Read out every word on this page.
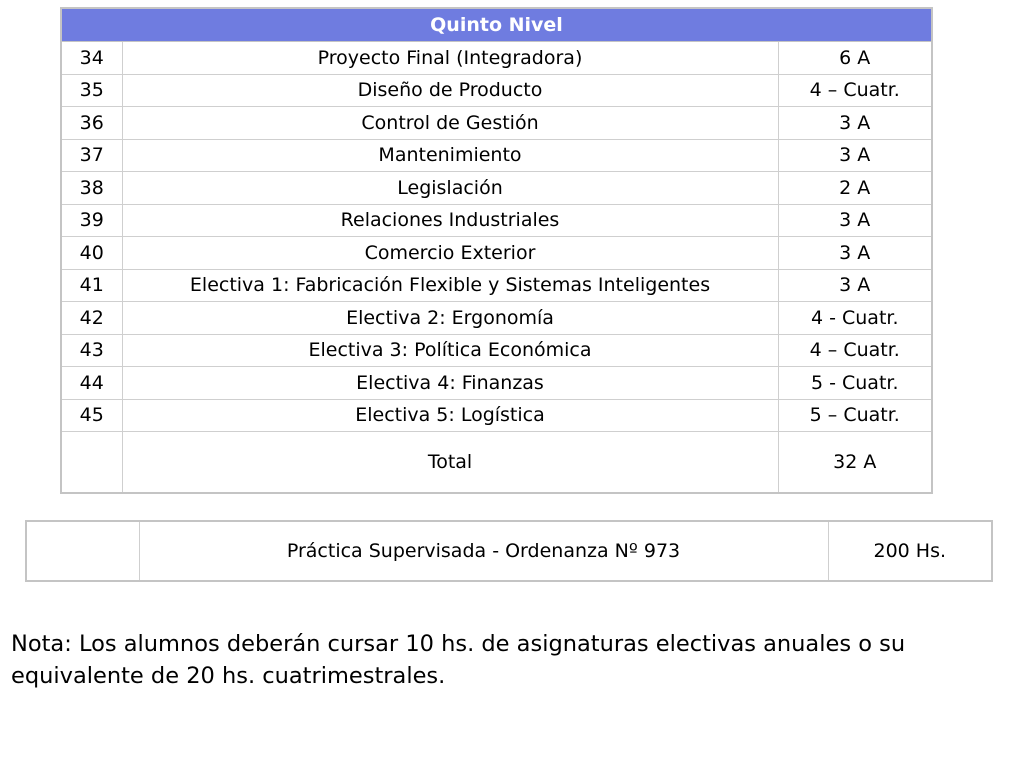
Quinto Nivel		
34	Proyecto Final (Integradora)	6 A
35	Diseño de Producto	4 – Cuatr.
36	Control de Gestión	3 A
37	Mantenimiento	3 A
38	Legislación	2 A
39	Relaciones Industriales	3 A
40	Comercio Exterior	3 A
41	Electiva 1: Fabricación Flexible y Sistemas Inteligentes	3 A
42	Electiva 2: Ergonomía	4 - Cuatr.
43	Electiva 3: Política Económica	4 – Cuatr.
44	Electiva 4: Finanzas	5 - Cuatr.
45	Electiva 5: Logística	5 – Cuatr.
	Total	32 A
	Práctica Supervisada - Ordenanza Nº 973	200 Hs.

Nota: Los alumnos deberán cursar 10 hs. de asignaturas electivas anuales o su equivalente de 20 hs. cuatrimestrales.
